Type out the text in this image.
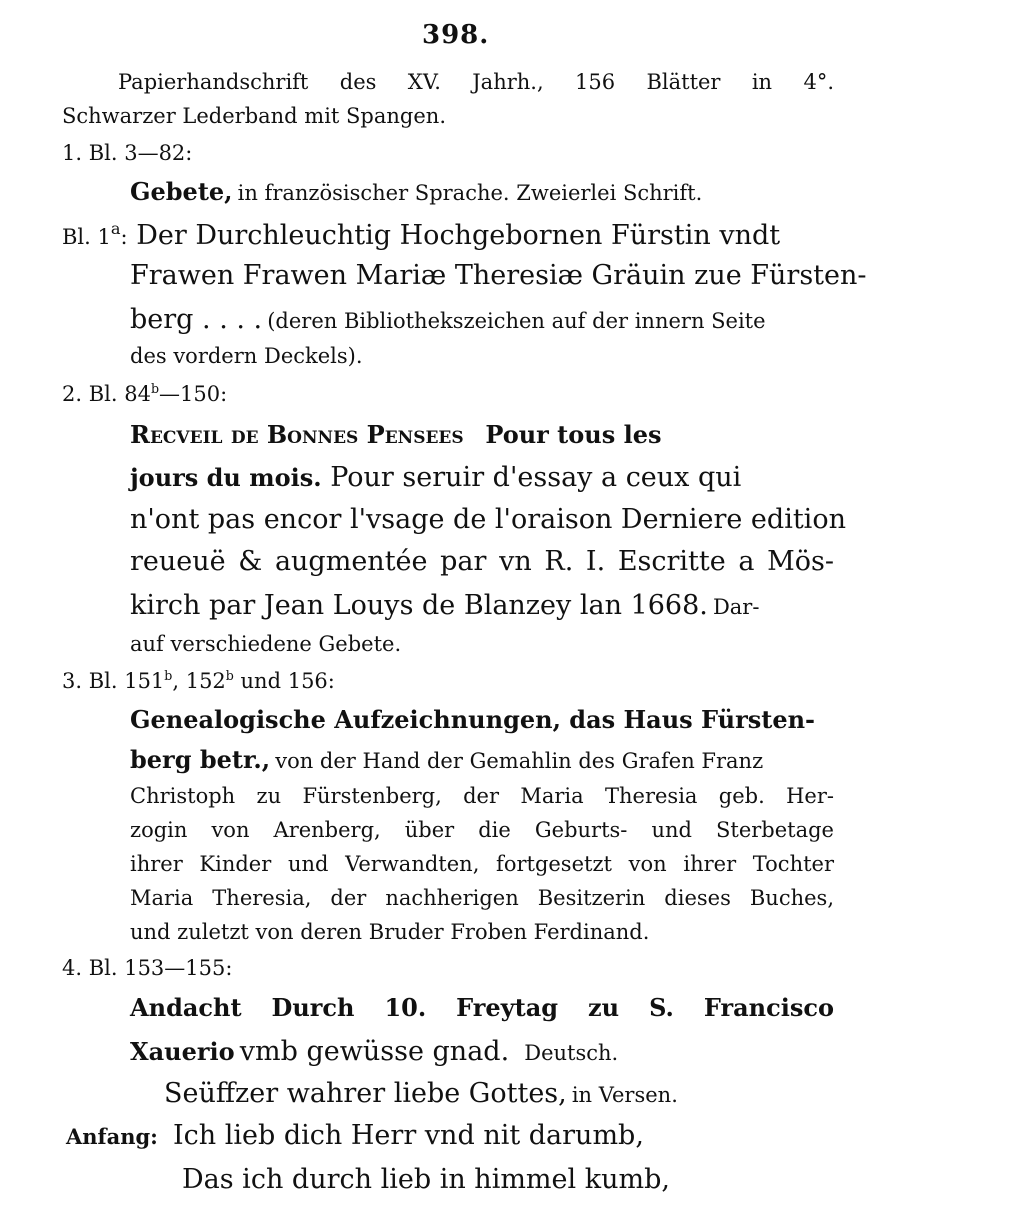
398.
Papierhandschrift des XV. Jahrh., 156 Blätter in 4°.
Schwarzer Lederband mit Spangen.
1. Bl. 3—82:
Gebete, in französischer Sprache. Zweierlei Schrift.
Bl. 1$^a$: Der Durchleuchtig Hochgebornen Fürstin vndt
Frawen Frawen Mariæ Theresiæ Gräuin zue Fürsten-
berg . . . . (deren Bibliothekszeichen auf der innern Seite
des vordern Deckels).
2. Bl. 84$^b$—150:
Recveil de Bonnes Pensees Pour tous les
jours du mois. Pour seruir d'essay a ceux qui
n'ont pas encor l'vsage de l'oraison Derniere edition
reueuë & augmentée par vn R. I. Escritte a Mös-
kirch par Jean Louys de Blanzey lan 1668. Dar-
auf verschiedene Gebete.
3. Bl. 151$^b$, 152$^b$ und 156:
Genealogische Aufzeichnungen, das Haus Fürsten-
berg betr., von der Hand der Gemahlin des Grafen Franz
Christoph zu Fürstenberg, der Maria Theresia geb. Her-
zogin von Arenberg, über die Geburts- und Sterbetage
ihrer Kinder und Verwandten, fortgesetzt von ihrer Tochter
Maria Theresia, der nachherigen Besitzerin dieses Buches,
und zuletzt von deren Bruder Froben Ferdinand.
4. Bl. 153—155:
Andacht Durch 10. Freytag zu S. Francisco
Xauerio vmb gewüsse gnad. Deutsch.
Seüffzer wahrer liebe Gottes, in Versen.
Anfang: Ich lieb dich Herr vnd nit darumb,
Das ich durch lieb in himmel kumb,
